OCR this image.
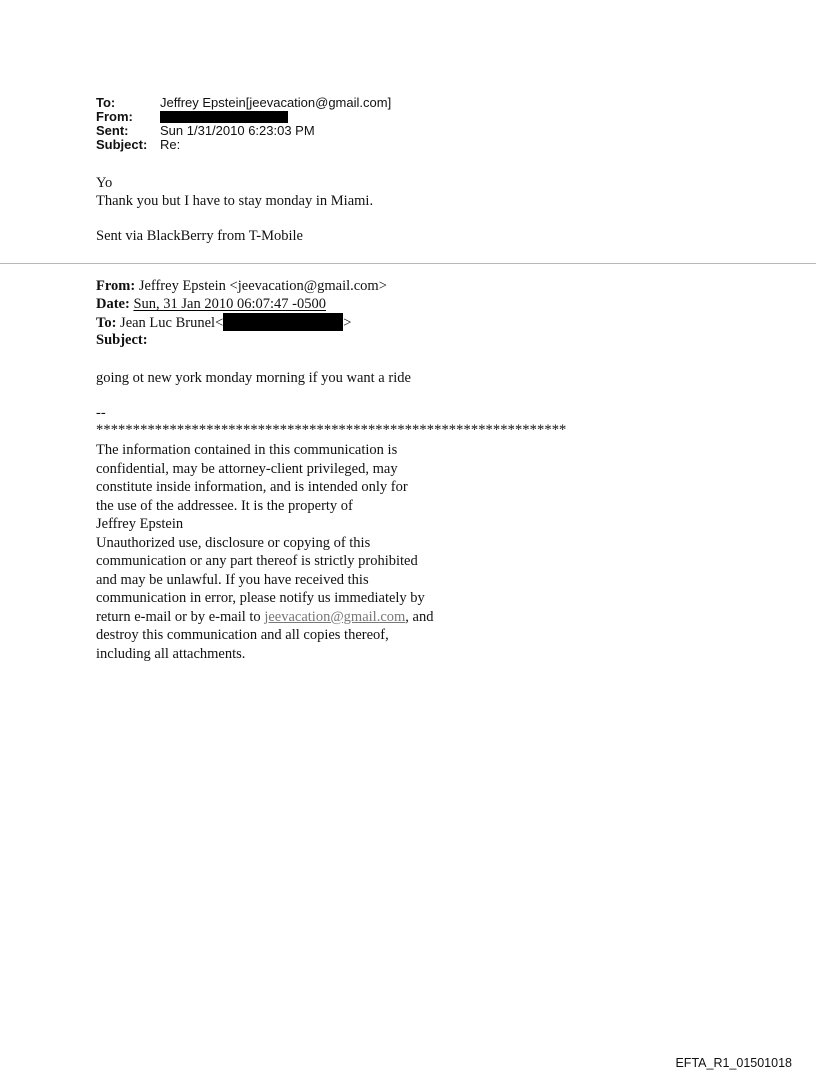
To:	Jeffrey Epstein[jeevacation@gmail.com]
From:
Sent:	Sun 1/31/2010 6:23:03 PM
Subject: Re:

Yo

Thank you but I have to stay monday in Miami.

Sent via BlackBerry from T-Mobile
From: Jeffrey Epstein <jeevacation@gmail.com>
Date: Sun, 31 Jan 2010 06:07:47 -0500
To: Jean Luc Brunel<	>
Subject:
going ot new york monday morning if you want a ride
--
****************************************************************
The information contained in this communication is
confidential, may be attorney-client privileged, may
constitute inside information, and is intended only for
the use of the addressee. It is the property of
Jeffrey Epstein
Unauthorized use, disclosure or copying of this
communication or any part thereof is strictly prohibited
and may be unlawful. If you have received this
communication in error, please notify us immediately by
return e-mail or by e-mail to jeevacation@gmail.com, and
destroy this communication and all copies thereof,
including all attachments.
EFTA_R1_01501018
